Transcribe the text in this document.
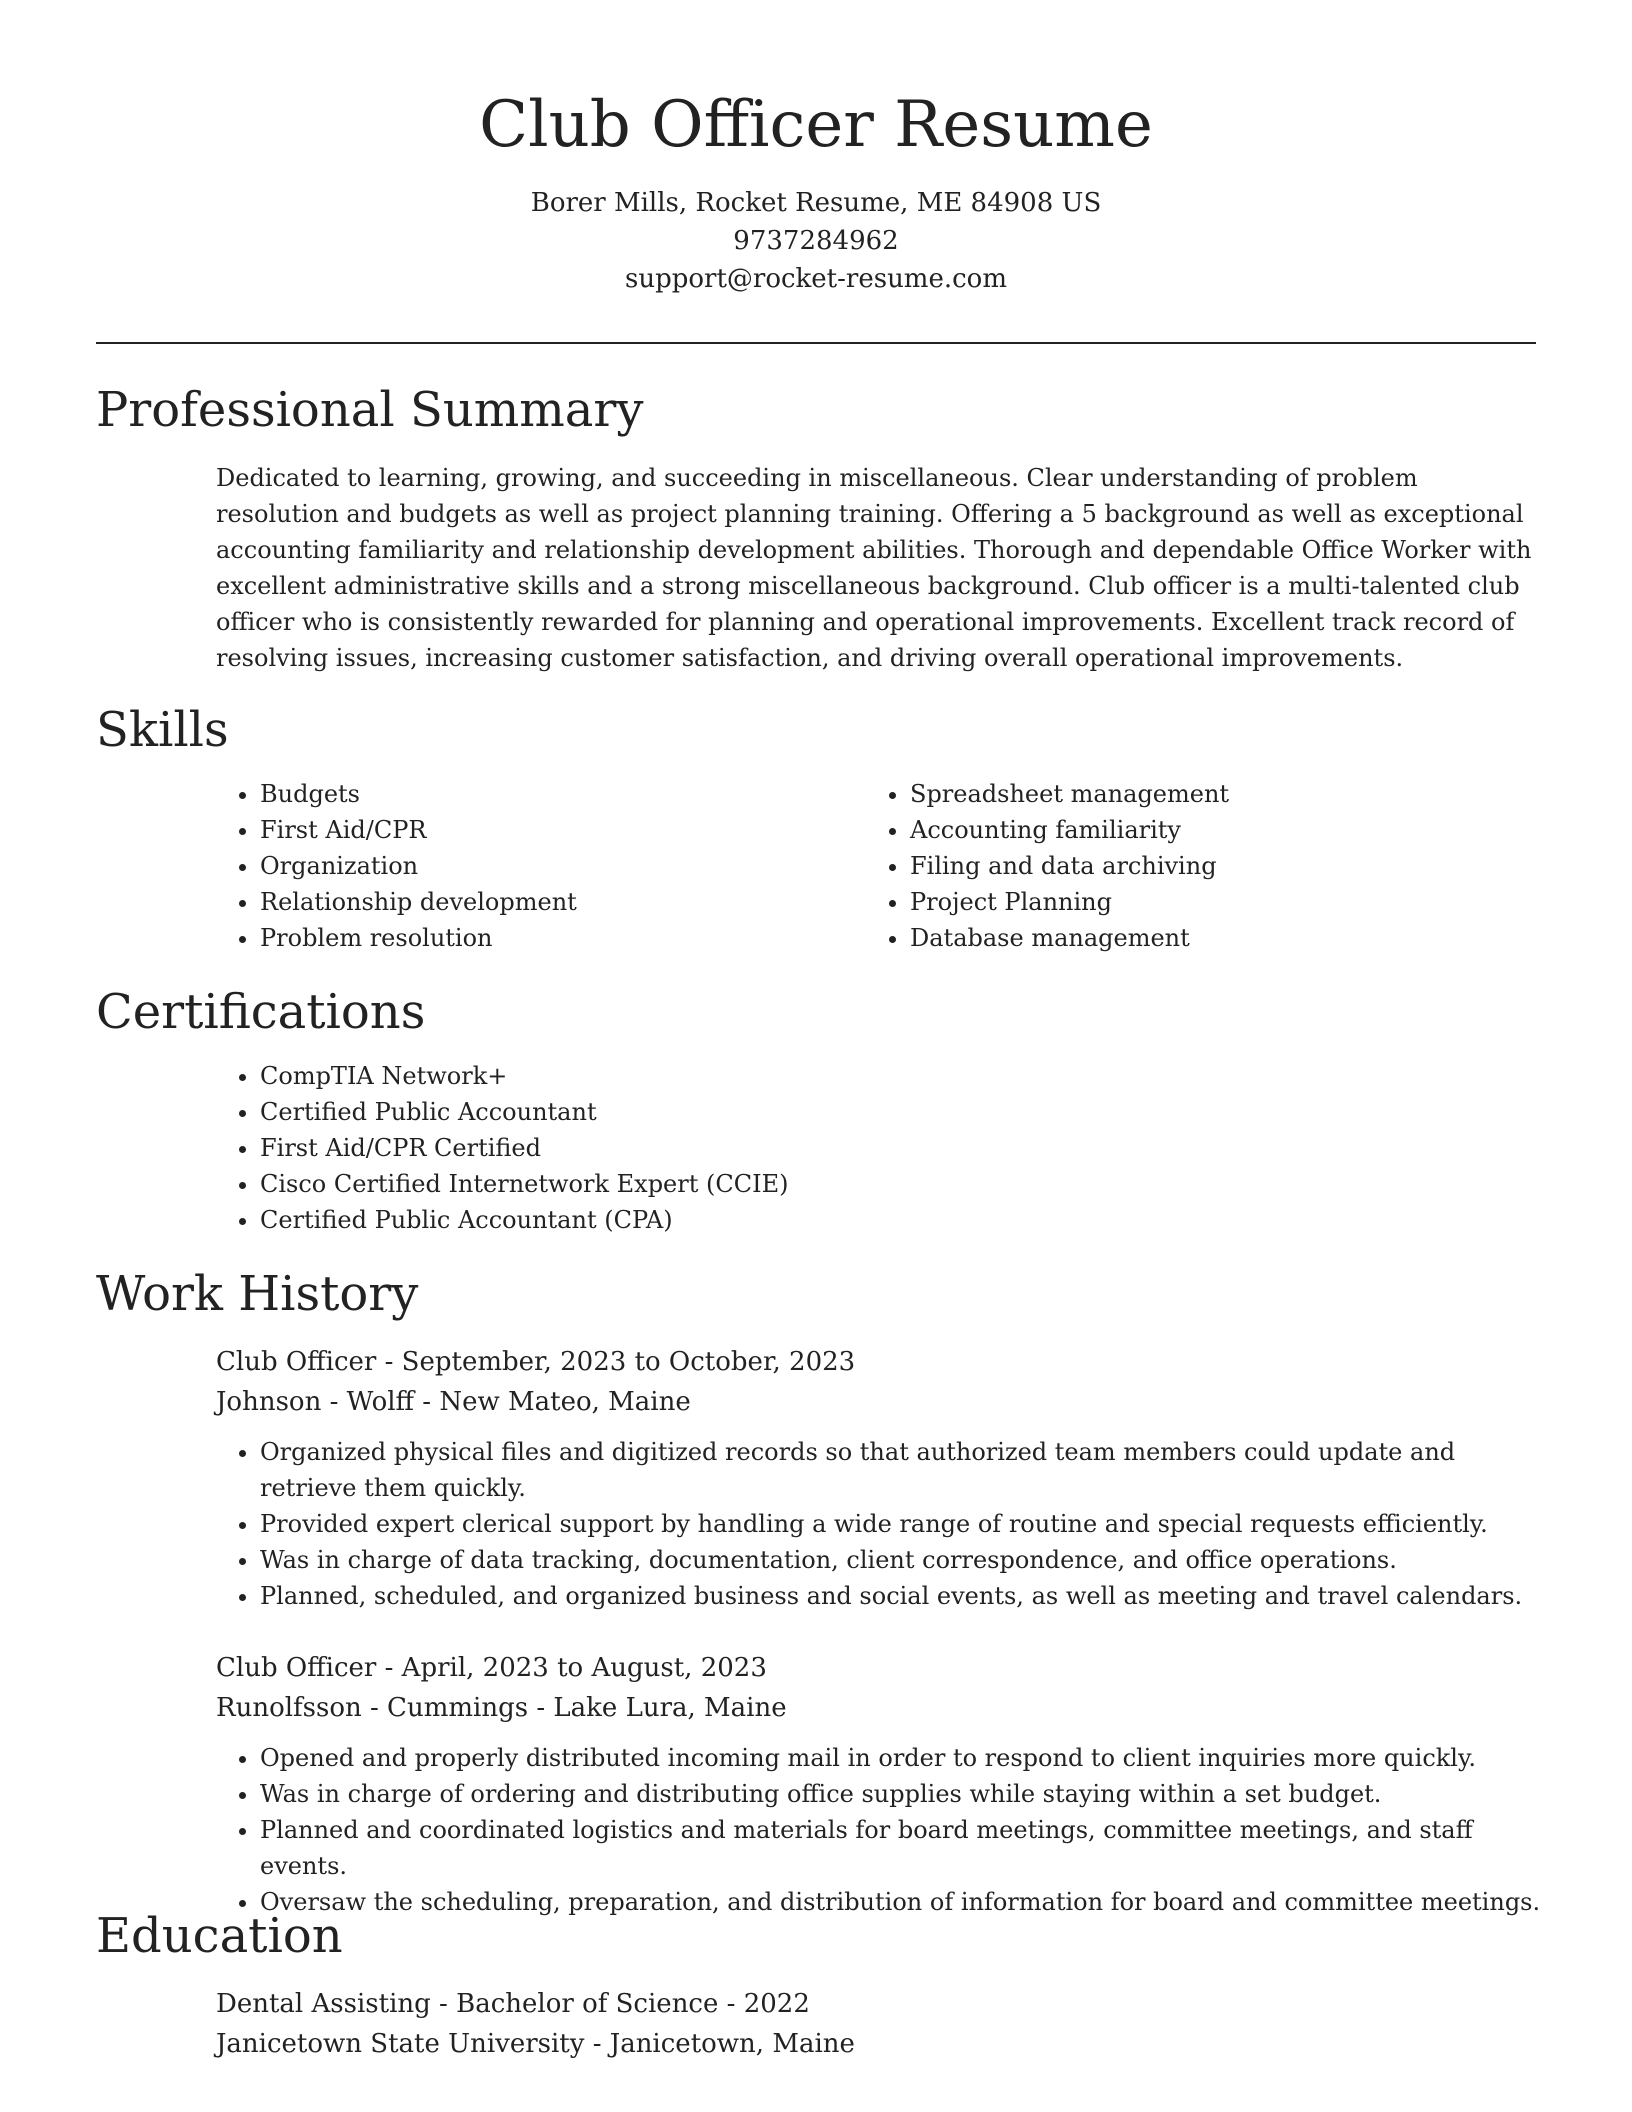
Club Officer Resume
Borer Mills, Rocket Resume, ME 84908 US
9737284962
support@rocket-resume.com
Professional Summary

Dedicated to learning, growing, and succeeding in miscellaneous. Clear understanding of problem resolution and budgets as well as project planning training. Offering a 5 background as well as exceptional accounting familiarity and relationship development abilities. Thorough and dependable Office Worker with excellent administrative skills and a strong miscellaneous background. Club officer is a multi-talented club officer who is consistently rewarded for planning and operational improvements. Excellent track record of resolving issues, increasing customer satisfaction, and driving overall operational improvements.

Skills
• Budgets
• First Aid/CPR
• Organization
• Relationship development
• Problem resolution
• Spreadsheet management
• Accounting familiarity
• Filing and data archiving
• Project Planning
• Database management
Certifications
• CompTIA Network+
• Certified Public Accountant
• First Aid/CPR Certified
• Cisco Certified Internetwork Expert (CCIE)
• Certified Public Accountant (CPA)
Work History
Club Officer - September, 2023 to October, 2023
Johnson - Wolff - New Mateo, Maine
• Organized physical files and digitized records so that authorized team members could update and retrieve them quickly.
• Provided expert clerical support by handling a wide range of routine and special requests efficiently.
• Was in charge of data tracking, documentation, client correspondence, and office operations.
• Planned, scheduled, and organized business and social events, as well as meeting and travel calendars.
Club Officer - April, 2023 to August, 2023
Runolfsson - Cummings - Lake Lura, Maine
• Opened and properly distributed incoming mail in order to respond to client inquiries more quickly.
• Was in charge of ordering and distributing office supplies while staying within a set budget.
• Planned and coordinated logistics and materials for board meetings, committee meetings, and staff events.
• Oversaw the scheduling, preparation, and distribution of information for board and committee meetings.
Education
Dental Assisting - Bachelor of Science - 2022
Janicetown State University - Janicetown, Maine
